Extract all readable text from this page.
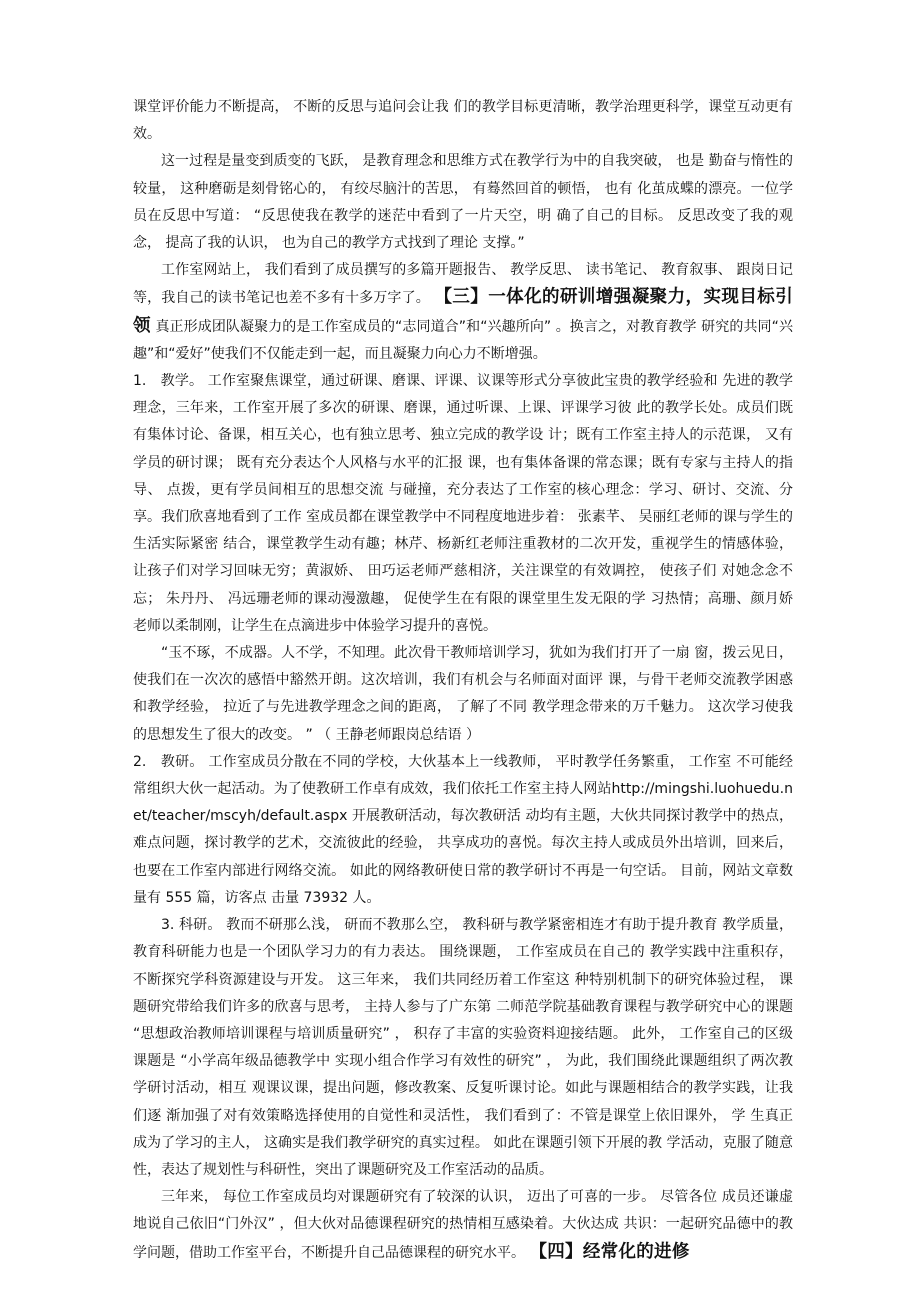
课堂评价能力不断提高， 不断的反思与追问会让我 们的教学目标更清晰，教学治理更科学，课堂互动更有效。

这一过程是量变到质变的飞跃， 是教育理念和思维方式在教学行为中的自我突破， 也是 勤奋与惰性的较量， 这种磨砺是刻骨铭心的， 有绞尽脑汁的苦思， 有蓦然回首的顿悟， 也有 化茧成蝶的漂亮。一位学员在反思中写道： “反思使我在教学的迷茫中看到了一片天空，明 确了自己的目标。 反思改变了我的观念， 提高了我的认识， 也为自己的教学方式找到了理论 支撑。”

工作室网站上， 我们看到了成员撰写的多篇开题报告、 教学反思、 读书笔记、 教育叙事、 跟岗日记等，我自己的读书笔记也差不多有十多万字了。 【三】一体化的研训增强凝聚力，实现目标引领 真正形成团队凝聚力的是工作室成员的“志同道合”和“兴趣所向” 。换言之，对教育教学 研究的共同“兴趣”和“爱好”使我们不仅能走到一起，而且凝聚力向心力不断增强。

1.　教学。 工作室聚焦课堂，通过研课、磨课、评课、议课等形式分享彼此宝贵的教学经验和 先进的教学理念，三年来，工作室开展了多次的研课、磨课，通过听课、上课、评课学习彼 此的教学长处。成员们既有集体讨论、备课，相互关心，也有独立思考、独立完成的教学设 计；既有工作室主持人的示范课， 又有学员的研讨课； 既有充分表达个人风格与水平的汇报 课，也有集体备课的常态课；既有专家与主持人的指导、 点拨，更有学员间相互的思想交流 与碰撞，充分表达了工作室的核心理念：学习、研讨、交流、分享。我们欣喜地看到了工作 室成员都在课堂教学中不同程度地进步着： 张素芊、 吴丽红老师的课与学生的生活实际紧密 结合，课堂教学生动有趣；林芹、杨新红老师注重教材的二次开发，重视学生的情感体验， 让孩子们对学习回味无穷；黄淑娇、 田巧运老师严慈相济，关注课堂的有效调控， 使孩子们 对她念念不忘； 朱丹丹、 冯远珊老师的课动漫激趣， 促使学生在有限的课堂里生发无限的学 习热情；高珊、颜月娇老师以柔制刚，让学生在点滴进步中体验学习提升的喜悦。

“玉不琢，不成器。人不学，不知理。此次骨干教师培训学习，犹如为我们打开了一扇 窗，拨云见日， 使我们在一次次的感悟中豁然开朗。这次培训，我们有机会与名师面对面评 课，与骨干老师交流教学困惑和教学经验， 拉近了与先进教学理念之间的距离， 了解了不同 教学理念带来的万千魅力。 这次学习使我的思想发生了很大的改变。 ” （ 王静老师跟岗总结语 ）

2.　教研。 工作室成员分散在不同的学校，大伙基本上一线教师， 平时教学任务繁重， 工作室 不可能经常组织大伙一起活动。为了使教研工作卓有成效，我们依托工作室主持人网站http://mingshi.luohuedu.net/teacher/mscyh/default.aspx 开展教研活动，每次教研活 动均有主题，大伙共同探讨教学中的热点，难点问题，探讨教学的艺术，交流彼此的经验， 共享成功的喜悦。每次主持人或成员外出培训，回来后，也要在工作室内部进行网络交流。 如此的网络教研使日常的教学研讨不再是一句空话。 目前，网站文章数量有 555 篇，访客点 击量 73932 人。

3. 科研。 教而不研那么浅， 研而不教那么空， 教科研与教学紧密相连才有助于提升教育 教学质量， 教育科研能力也是一个团队学习力的有力表达。 围绕课题， 工作室成员在自己的 教学实践中注重积存， 不断探究学科资源建设与开发。 这三年来， 我们共同经历着工作室这 种特别机制下的研究体验过程， 课题研究带给我们许多的欣喜与思考， 主持人参与了广东第 二师范学院基础教育课程与教学研究中心的课题 “思想政治教师培训课程与培训质量研究” ， 积存了丰富的实验资料迎接结题。 此外， 工作室自己的区级课题是 “小学高年级品德教学中 实现小组合作学习有效性的研究” ， 为此，我们围绕此课题组织了两次教学研讨活动，相互 观课议课，提出问题，修改教案、反复听课讨论。如此与课题相结合的教学实践，让我们逐 渐加强了对有效策略选择使用的自觉性和灵活性， 我们看到了：不管是课堂上依旧课外， 学 生真正成为了学习的主人， 这确实是我们教学研究的真实过程。 如此在课题引领下开展的教 学活动，克服了随意性，表达了规划性与科研性，突出了课题研究及工作室活动的品质。

三年来， 每位工作室成员均对课题研究有了较深的认识， 迈出了可喜的一步。 尽管各位 成员还谦虚地说自己依旧“门外汉” ，但大伙对品德课程研究的热情相互感染着。大伙达成 共识：一起研究品德中的教学问题，借助工作室平台，不断提升自己品德课程的研究水平。 【四】经常化的进修
